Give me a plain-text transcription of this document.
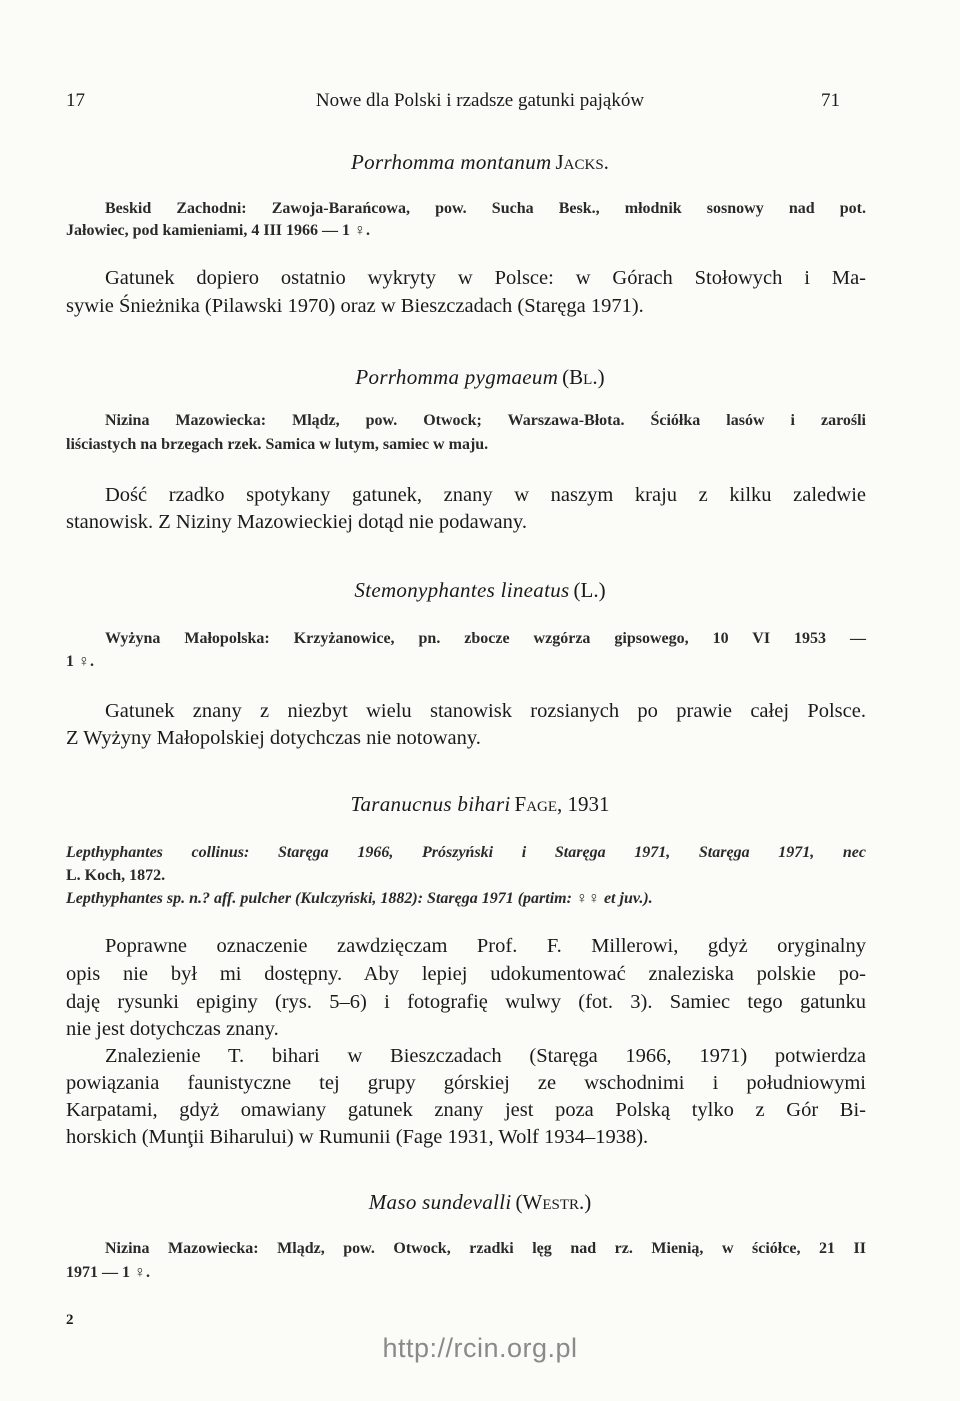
17	Nowe dla Polski i rzadsze gatunki pająków	71
Porrhomma montanum Jacks.
Beskid Zachodni: Zawoja-Barańcowa, pow. Sucha Besk., młodnik sosnowy nad pot.
Jałowiec, pod kamieniami, 4 III 1966 — 1 ♀.
Gatunek dopiero ostatnio wykryty w Polsce: w Górach Stołowych i Ma-
sywie Śnieżnika (Pilawski 1970) oraz w Bieszczadach (Staręga 1971).
Porrhomma pygmaeum (Bl.)
Nizina Mazowiecka: Mlądz, pow. Otwock; Warszawa-Błota. Ściółka lasów i zarośli
liściastych na brzegach rzek. Samica w lutym, samiec w maju.
Dość rzadko spotykany gatunek, znany w naszym kraju z kilku zaledwie
stanowisk. Z Niziny Mazowieckiej dotąd nie podawany.
Stemonyphantes lineatus (L.)
Wyżyna Małopolska: Krzyżanowice, pn. zbocze wzgórza gipsowego, 10 VI 1953 —
1 ♀.
Gatunek znany z niezbyt wielu stanowisk rozsianych po prawie całej Polsce.
Z Wyżyny Małopolskiej dotychczas nie notowany.
Taranucnus bihari Fage, 1931
Lepthyphantes collinus: Staręga 1966, Prószyński i Staręga 1971, Staręga 1971, nec
L. Koch, 1872.
Lepthyphantes sp. n.? aff. pulcher (Kulczyński, 1882): Staręga 1971 (partim: ♀♀ et juv.).
Poprawne oznaczenie zawdzięczam Prof. F. Millerowi, gdyż oryginalny
opis nie był mi dostępny. Aby lepiej udokumentować znaleziska polskie po-
daję rysunki epiginy (rys. 5–6) i fotografię wulwy (fot. 3). Samiec tego gatunku
nie jest dotychczas znany.
Znalezienie T. bihari w Bieszczadach (Staręga 1966, 1971) potwierdza
powiązania faunistyczne tej grupy górskiej ze wschodnimi i południowymi
Karpatami, gdyż omawiany gatunek znany jest poza Polską tylko z Gór Bi-
horskich (Munţii Biharului) w Rumunii (Fage 1931, Wolf 1934–1938).
Maso sundevalli (Westr.)
Nizina Mazowiecka: Mlądz, pow. Otwock, rzadki lęg nad rz. Mienią, w ściółce, 21 II
1971 — 1 ♀.
2
http://rcin.org.pl
